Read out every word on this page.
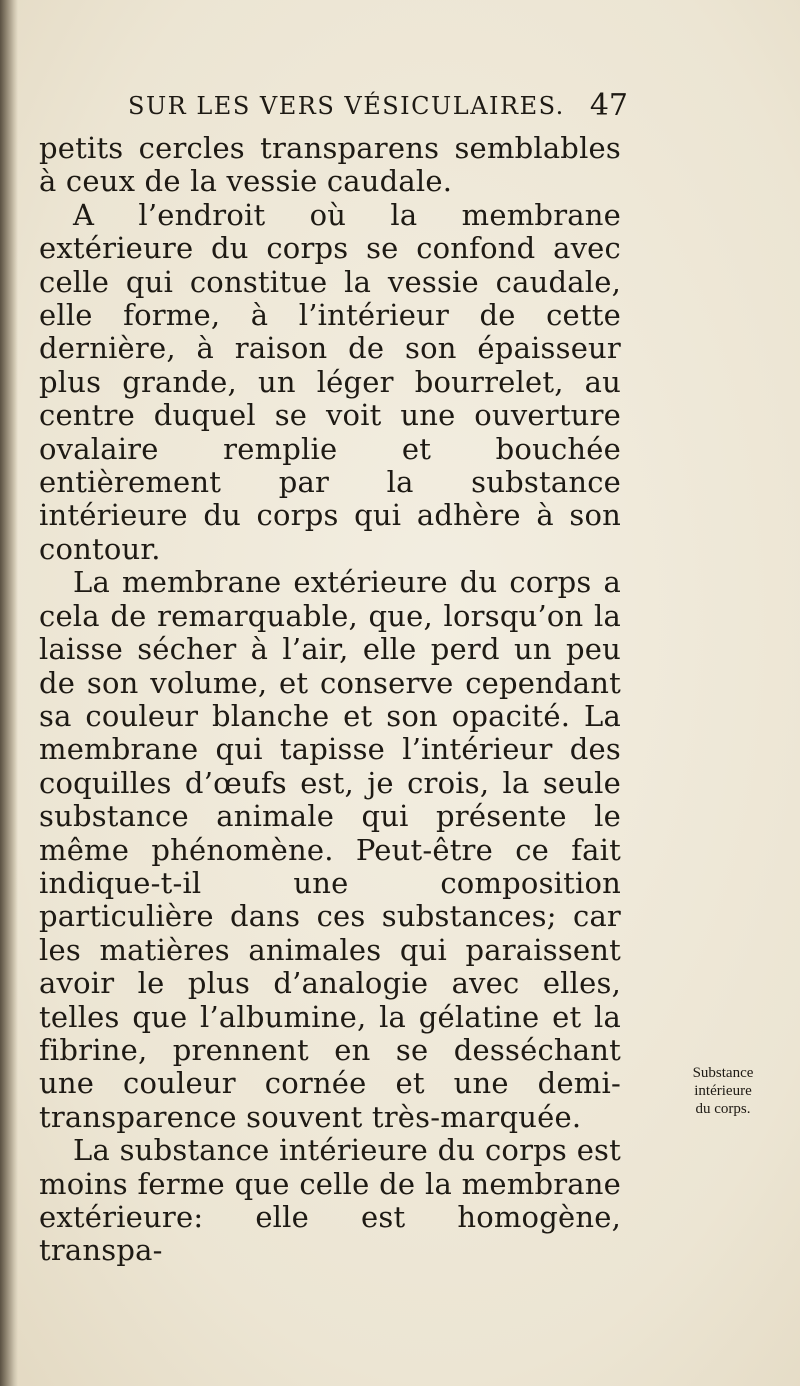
SUR LES VERS VÉSICULAIRES. 47

petits cercles transparens semblables à ceux de la vessie caudale.

A l’endroit où la membrane extérieure du corps se confond avec celle qui constitue la vessie caudale, elle forme, à l’intérieur de cette dernière, à raison de son épaisseur plus grande, un léger bourrelet, au centre duquel se voit une ouverture ovalaire remplie et bouchée entièrement par la substance intérieure du corps qui adhère à son contour.

La membrane extérieure du corps a cela de remarquable, que, lorsqu’on la laisse sécher à l’air, elle perd un peu de son volume, et conserve cependant sa couleur blanche et son opacité. La membrane qui tapisse l’intérieur des coquilles d’œufs est, je crois, la seule substance animale qui présente le même phénomène. Peut-être ce fait indique-t-il une composition particulière dans ces substances; car les matières animales qui paraissent avoir le plus d’analogie avec elles, telles que l’albumine, la gélatine et la fibrine, prennent en se desséchant une couleur cornée et une demi-transparence souvent très-marquée.

La substance intérieure du corps est moins ferme que celle de la membrane extérieure: elle est homogène, transpa-

Substance
intérieure
du corps.
